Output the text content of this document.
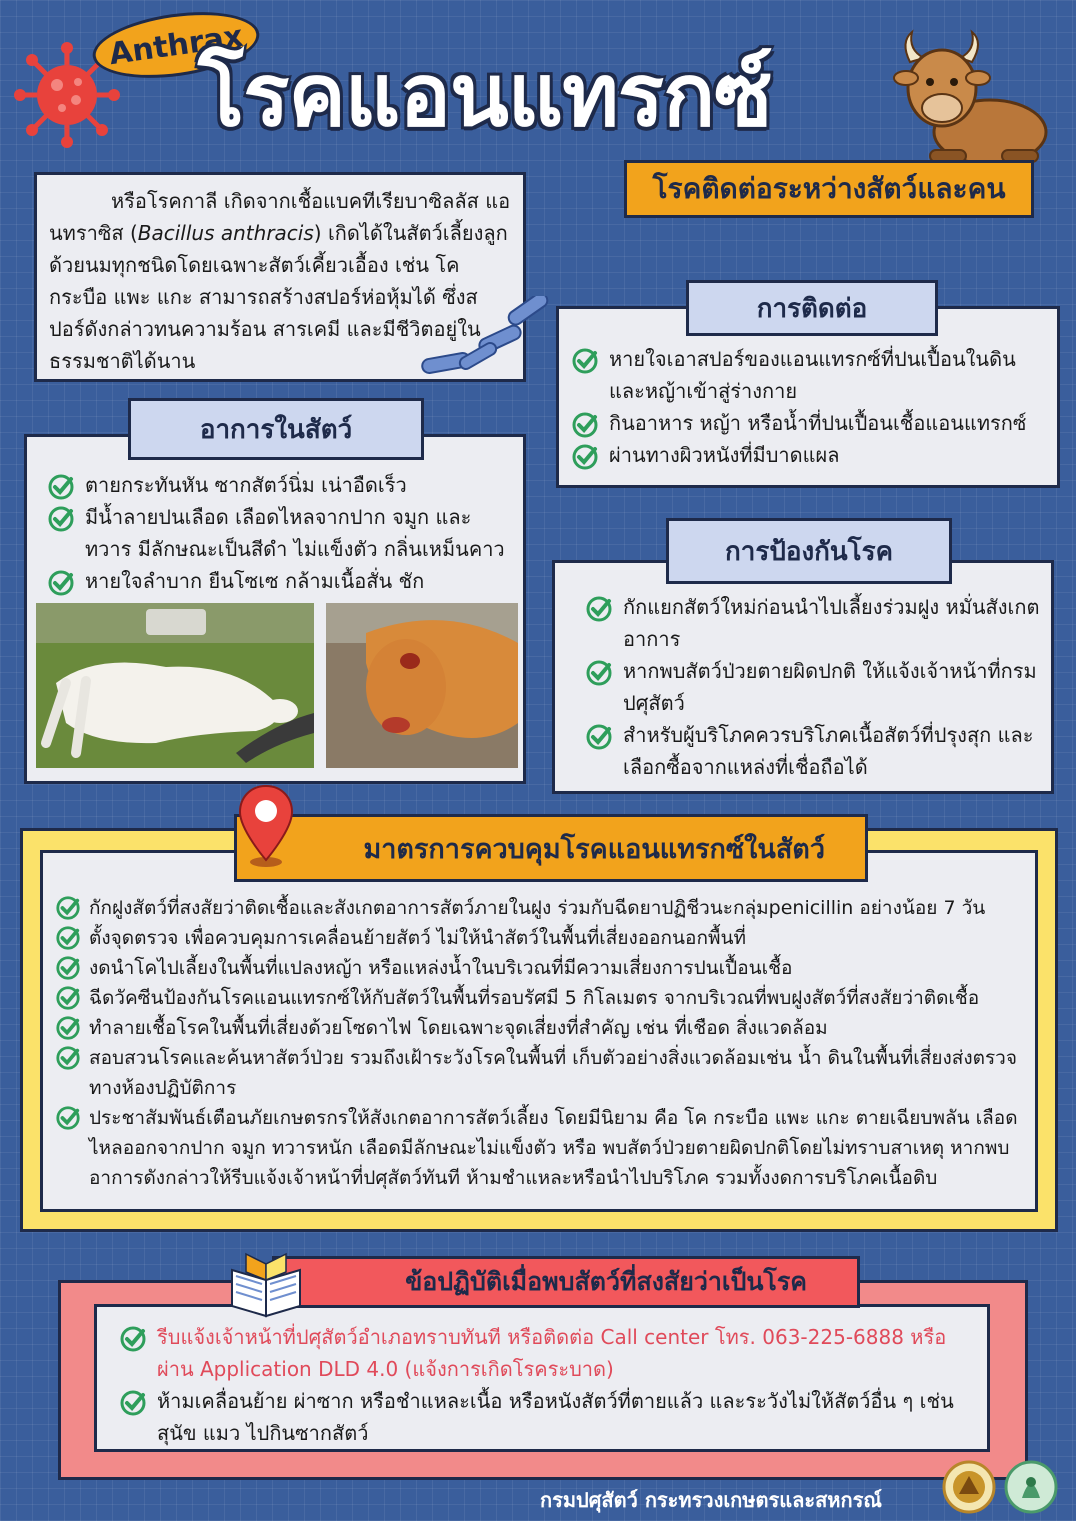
Anthrax
โรคแอนแทรกซ์
โรคติดต่อระหว่างสัตว์และคน

หรือโรคกาลี เกิดจากเชื้อแบคทีเรียบาซิลลัส แอนทราซิส (Bacillus anthracis) เกิดได้ในสัตว์เลี้ยงลูกด้วยนมทุกชนิดโดยเฉพาะสัตว์เคี้ยวเอื้อง เช่น โค กระบือ แพะ แกะ สามารถสร้างสปอร์ห่อหุ้มได้ ซึ่งสปอร์ดังกล่าวทนความร้อน สารเคมี และมีชีวิตอยู่ในธรรมชาติได้นาน	หายใจเอาสปอร์ของแอนแทรกซ์ที่ปนเปื้อนในดินและหญ้าเข้าสู่ร่างกาย
กินอาหาร หญ้า หรือน้ำที่ปนเปื้อนเชื้อแอนแทรกซ์
ผ่านทางผิวหนังที่มีบาดแผล
การติดต่อ
ตายกระทันหัน ซากสัตว์นิ่ม เน่าอืดเร็ว
มีน้ำลายปนเลือด เลือดไหลจากปาก จมูก และทวาร มีลักษณะเป็นสีดำ ไม่แข็งตัว กลิ่นเหม็นคาว
หายใจลำบาก ยืนโซเซ กล้ามเนื้อสั่น ชัก
อาการในสัตว์
กักแยกสัตว์ใหม่ก่อนนำไปเลี้ยงร่วมฝูง หมั่นสังเกตอาการ
หากพบสัตว์ป่วยตายผิดปกติ ให้แจ้งเจ้าหน้าที่กรมปศุสัตว์
สำหรับผู้บริโภคควรบริโภคเนื้อสัตว์ที่ปรุงสุก และเลือกซื้อจากแหล่งที่เชื่อถือได้
การป้องกันโรค
กักฝูงสัตว์ที่สงสัยว่าติดเชื้อและสังเกตอาการสัตว์ภายในฝูง ร่วมกับฉีดยาปฏิชีวนะกลุ่มpenicillin อย่างน้อย 7 วัน
ตั้งจุดตรวจ เพื่อควบคุมการเคลื่อนย้ายสัตว์ ไม่ให้นำสัตว์ในพื้นที่เสี่ยงออกนอกพื้นที่
งดนำโคไปเลี้ยงในพื้นที่แปลงหญ้า หรือแหล่งน้ำในบริเวณที่มีความเสี่ยงการปนเปื้อนเชื้อ
ฉีดวัคซีนป้องกันโรคแอนแทรกซ์ให้กับสัตว์ในพื้นที่รอบรัศมี 5 กิโลเมตร จากบริเวณที่พบฝูงสัตว์ที่สงสัยว่าติดเชื้อ
ทำลายเชื้อโรคในพื้นที่เสี่ยงด้วยโซดาไฟ โดยเฉพาะจุดเสี่ยงที่สำคัญ เช่น ที่เชือด สิ่งแวดล้อม
สอบสวนโรคและค้นหาสัตว์ป่วย รวมถึงเฝ้าระวังโรคในพื้นที่ เก็บตัวอย่างสิ่งแวดล้อมเช่น น้ำ ดินในพื้นที่เสี่ยงส่งตรวจทางห้องปฏิบัติการ
ประชาสัมพันธ์เตือนภัยเกษตรกรให้สังเกตอาการสัตว์เลี้ยง โดยมีนิยาม คือ โค กระบือ แพะ แกะ ตายเฉียบพลัน เลือดไหลออกจากปาก จมูก ทวารหนัก เลือดมีลักษณะไม่แข็งตัว หรือ พบสัตว์ป่วยตายผิดปกติโดยไม่ทราบสาเหตุ หากพบอาการดังกล่าวให้รีบแจ้งเจ้าหน้าที่ปศุสัตว์ทันที ห้ามชำแหละหรือนำไปบริโภค รวมทั้งงดการบริโภคเนื้อดิบ
มาตรการควบคุมโรคแอนแทรกซ์ในสัตว์
รีบแจ้งเจ้าหน้าที่ปศุสัตว์อำเภอทราบทันที หรือติดต่อ Call center โทร. 063-225-6888 หรือผ่าน Application DLD 4.0 (แจ้งการเกิดโรคระบาด)
ห้ามเคลื่อนย้าย ผ่าซาก หรือชำแหละเนื้อ หรือหนังสัตว์ที่ตายแล้ว และระวังไม่ให้สัตว์อื่น ๆ เช่น สุนัข แมว ไปกินซากสัตว์
ข้อปฏิบัติเมื่อพบสัตว์ที่สงสัยว่าเป็นโรค
กรมปศุสัตว์ กระทรวงเกษตรและสหกรณ์
